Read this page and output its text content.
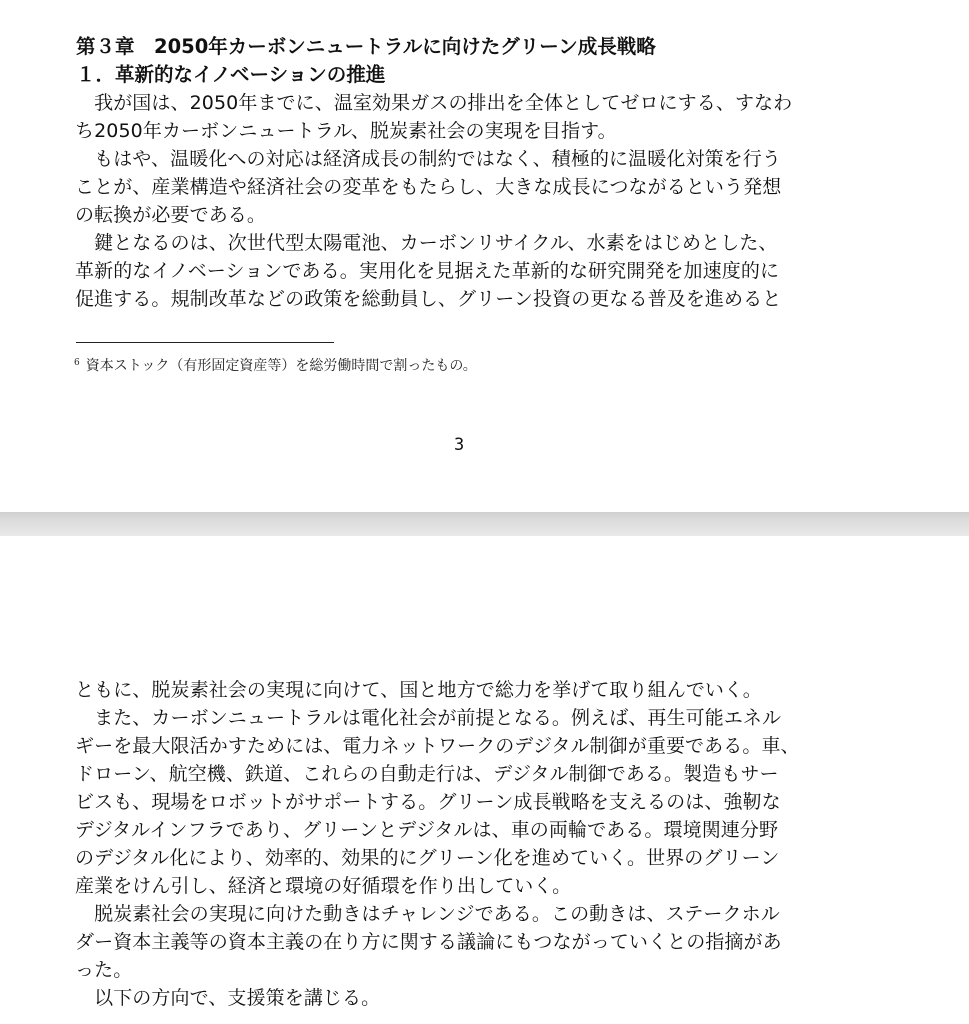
第３章　2050年カーボンニュートラルに向けたグリーン成長戦略
１．革新的なイノベーションの推進
　我が国は、2050年までに、温室効果ガスの排出を全体としてゼロにする、すなわ
ち2050年カーボンニュートラル、脱炭素社会の実現を目指す。
　もはや、温暖化への対応は経済成長の制約ではなく、積極的に温暖化対策を行う
ことが、産業構造や経済社会の変革をもたらし、大きな成長につながるという発想
の転換が必要である。
　鍵となるのは、次世代型太陽電池、カーボンリサイクル、水素をはじめとした、
革新的なイノベーションである。実用化を見据えた革新的な研究開発を加速度的に
促進する。規制改革などの政策を総動員し、グリーン投資の更なる普及を進めると
$^6$ 資本ストック（有形固定資産等）を総労働時間で割ったもの。
3
ともに、脱炭素社会の実現に向けて、国と地方で総力を挙げて取り組んでいく。
　また、カーボンニュートラルは電化社会が前提となる。例えば、再生可能エネル
ギーを最大限活かすためには、電力ネットワークのデジタル制御が重要である。車、
ドローン、航空機、鉄道、これらの自動走行は、デジタル制御である。製造もサー
ビスも、現場をロボットがサポートする。グリーン成長戦略を支えるのは、強靭な
デジタルインフラであり、グリーンとデジタルは、車の両輪である。環境関連分野
のデジタル化により、効率的、効果的にグリーン化を進めていく。世界のグリーン
産業をけん引し、経済と環境の好循環を作り出していく。
　脱炭素社会の実現に向けた動きはチャレンジである。この動きは、ステークホル
ダー資本主義等の資本主義の在り方に関する議論にもつながっていくとの指摘があ
った。
　以下の方向で、支援策を講じる。
